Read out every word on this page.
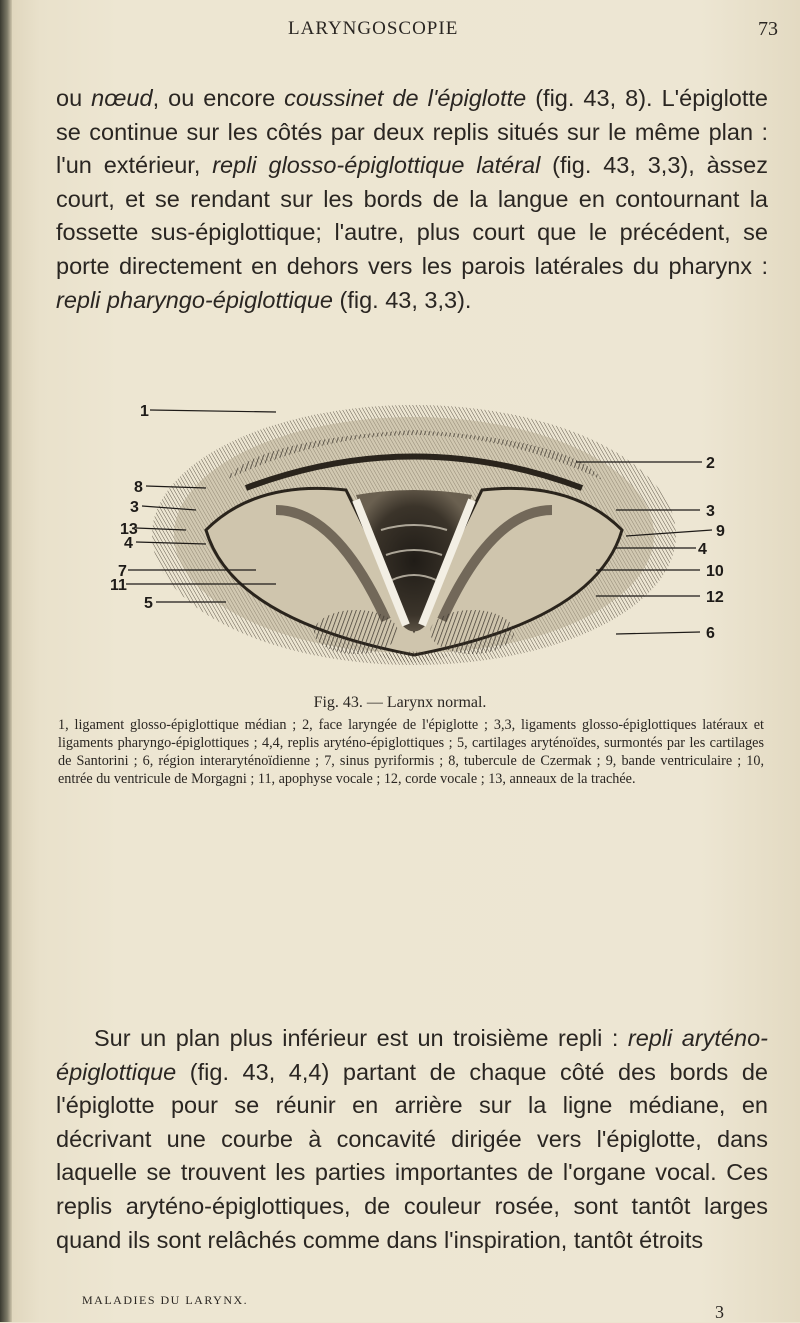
LARYNGOSCOPIE	73

ou nœud, ou encore coussinet de l'épiglotte (fig. 43, 8). L'épiglotte se continue sur les côtés par deux replis situés sur le même plan : l'un extérieur, repli glosso-épiglottique latéral (fig. 43, 3,3), àssez court, et se rendant sur les bords de la langue en contournant la fossette sus-épiglottique; l'autre, plus court que le précédent, se porte directement en dehors vers les parois latérales du pharynx : repli pharyngo-épiglottique (fig. 43, 3,3).

1
8
3
13
4
7
11
5
2
3
9
4
10
12
6
Fig. 43. — Larynx normal.
1, ligament glosso-épiglottique médian ; 2, face laryngée de l'épiglotte ; 3,3, ligaments glosso-épiglottiques latéraux et ligaments pharyngo-épiglottiques ; 4,4, replis aryténo-épiglottiques ; 5, cartilages aryténoïdes, surmontés par les cartilages de Santorini ; 6, région interaryténoïdienne ; 7, sinus pyriformis ; 8, tubercule de Czermak ; 9, bande ventriculaire ; 10, entrée du ventricule de Morgagni ; 11, apophyse vocale ; 12, corde vocale ; 13, anneaux de la trachée.

Sur un plan plus inférieur est un troisième repli : repli aryténo-épiglottique (fig. 43, 4,4) partant de chaque côté des bords de l'épiglotte pour se réunir en arrière sur la ligne médiane, en décrivant une courbe à concavité dirigée vers l'épiglotte, dans laquelle se trouvent les parties importantes de l'organe vocal. Ces replis aryténo-épiglottiques, de couleur rosée, sont tantôt larges quand ils sont relâchés comme dans l'inspiration, tantôt étroits

MALADIES DU LARYNX.
3
